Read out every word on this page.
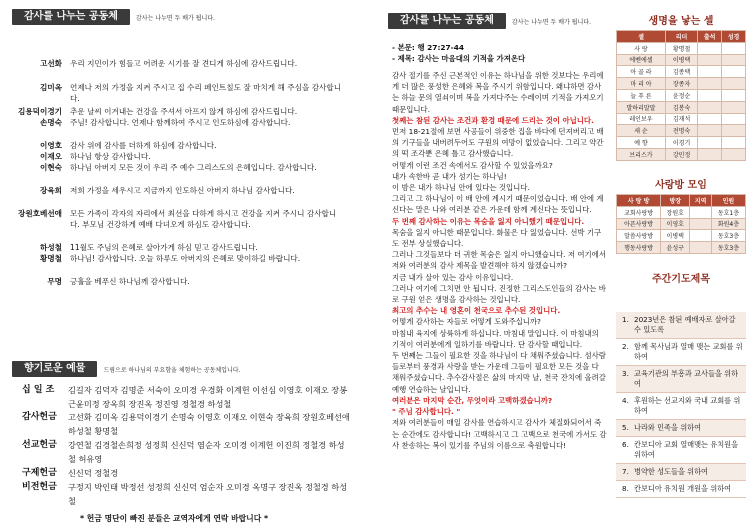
감사를 나누는 공동체	감사는 나누면 두 배가 됩니다.
고선화	우리 지민이가 힘들고 어려운 시기를 잘 견디게 하심에 감사드립니다.
김미옥	언제나 저의 가정을 지켜 주시고 집 수리 페인트칠도 잘 마치게 해 주심을 감사합니다.
김용덕이경기	추운 날씨 이겨내는 건강을 주셔서 아프지 않게 하심에 감사드립니다.
손명숙	주님! 감사합니다. 언제나 함께하여 주시고 인도하심에 감사합니다.
이영호	감사 위에 감사를 더하게 하심에 감사합니다.
이재오	하나님 항상 감사합니다.
이현숙	하나님 아버지 모든 것이 우리 주 예수 그리스도의 은혜입니다. 감사합니다.
장육희	저희 가정을 세우시고 지금까지 인도하신 아버지 하나님 감사합니다.
장원호베선애	모든 가족이 각자의 자리에서 최선을 다하게 하시고 건강을 지켜 주시니 감사합니다. 부모님 건강하게 예배 다녀오게 하심도 감사합니다.
하성철	11월도 주님의 은혜로 살아가게 하심 믿고 감사드립니다.
황명철	하나님! 감사합니다. 오늘 하루도 아버지의 은혜로 맞이하길 바랍니다.
무명	긍휼을 베푸신 하나님께 감사합니다.
향기로운 예물	드림으로 하나님의 부요함을 체험하는 공동체입니다.
십 일 조	김길자 김덕자 김명준 서숙이 오미경 우경화 이계헌 이선심 이영호 이재오 장봉근윤미정 장옥희 장진옥 정진영 정철경 하성철
감사헌금	고선화 김미옥 김용덕이경기 손명숙 이영호 이재오 이현숙 장육희 장원호베선애 하성철 황명철
선교헌금	강연철 김경철손희정 성정희 신신덕 염순자 오미경 이계헌 이진희 정철경 하성철 허유영
구제헌금	신신덕 정철경
비전헌금	구정지 박인태 박정선 성정희 신신덕 엄순자 오미경 옥명구 장진옥 정철경 하성철
* 헌금 명단이 빠진 분들은 교역자에게 연락 바랍니다 *
감사를 나누는 공동체	감사는 나누면 두 배가 됩니다.
- 본문: 행 27:27-44
- 제목: 감사는 마음대의 기적을 가져온다

감사 절기를 주신 근본적인 이유는 하나님을 위한 것보다는 우리에게 더 많은 풍성한 은혜와 복을 주시기 위함입니다. 왜냐하면 감사는 하늘 문의 열쇠이며 복을 가져다주는 수레이며 기적을 가져오기 때문입니다.

첫째는 참된 감사는 조건과 환경 때문에 드리는 것이 아닙니다.

먼저 18-21절에 보면 사공들이 위중한 집을 바다에 던져버리고 배의 기구들을 내버려두어도 구원의 여망이 없었습니다. 그리고 약간의 떡 조각뿐 은혜 틀고 감사했습니다.

어떻게 이런 조건 속에서도 감사할 수 있었을까요?

내가 속한바 곧 내가 섬기는 하나님!

이 밤은 내가 하나님 안에 있다는 것입니다.

그리고 그 하나님이 이 배 안에 계시기 때문이었습니다. 배 안에 계신다는 말은 나와 여러분 같은 가운데 함께 계신다는 뜻입니다.

두 번째 감사하는 이유는 목숨을 잃지 아니했기 때문입니다.

목숨을 잃지 아니한 때문입니다. 화물은 다 잃었습니다. 선박 기구도 전부 상실했습니다.

그러나 그것들보다 더 귀한 목숨은 잃지 아니했습니다. 저 여기에서 저와 여러분의 감사 제목을 발견해야 하지 않겠습니까?

지금 내가 살아 있는 감사 이유입니다.

그러나 여기에 그치면 안 됩니다. 진정한 그리스도인들의 감사는 바로 구원 얻은 생명을 감사하는 것입니다.

최고의 추수는 내 영혼이 천국으로 추수된 것입니다.

어떻게 감사하는 자들로 어떻게 도와주십니까?

마침내 육지에 상륙하게 하십니다. 마침내 말입니다. 이 마침내의 기적이 여러분에게 일하기를 바랍니다. 단 감사할 때입니다.

두 번째는 그들이 필요한 것을 하나님이 다 채워주셨습니다. 섬사람들로부터 풍경과 사랑을 받는 가운데 그들이 필요한 모든 것을 다 채워주셨습니다. 추수감사절은 삶의 마지막 날, 천국 잔치에 올려갈 예행 연습하는 날입니다.

여러분은 마지막 순간, 무엇이라 고백하겠습니까?

" 주님 감사합니다. "

저와 여러분들이 매일 감사를 연습하시고 감사가 체질화되어서 죽는 순간에도 감사합니다! 고백하시고 그 고백으로 천국에 가서도 감사 찬송하는 복이 있기를 주님의 이름으로 축원합니다!

생명을 낳는 셀
셀	리더	출석	성경
사 랑	황명철		
에벤에셀	이병택		
아 골 라	김종택		
마 리 아	장종자		
늘 푸 른	윤정순		
발하리말말	김봉숙		
레인보우	김재석		
새 순	전명숙		
예 향	이경기		
브리스가	강민정		
사랑방 모임
사 랑 방	방장	지역	인원
교회사랑방	장원호		동호1층
아픈사랑방	이영호		화원4층
말씀사랑방	이병택		동호3층
행동사랑방	윤성구		동호3층
주간기도제목
1. 2023년은 참된 예배자로 살아갈 수 있도록
2. 함께 목사님과 열매 맺는 교회를 위하여
3. 교육기관의 부흥과 교사들을 위하여
4. 후원하는 선교지와 국내 교회를 위하여
5. 나라와 민족을 위하여
6. 칸보디아 교회 열매맺는 유치원을 위하여
7. 병약한 성도들을 위하여
8. 칸보디아 유치원 개원을 위하여
